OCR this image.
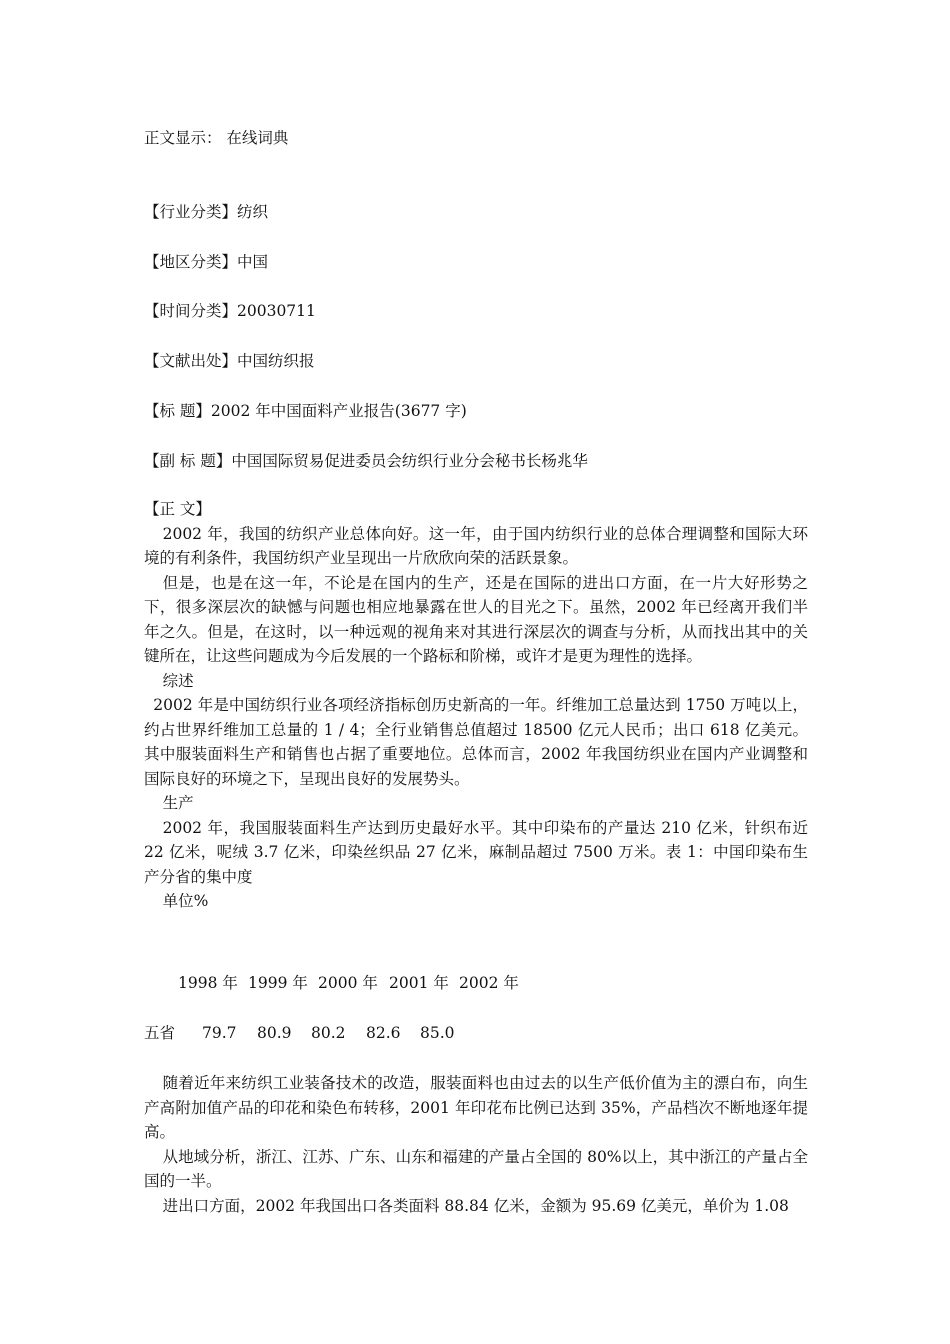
正文显示： 在线词典
【行业分类】纺织
【地区分类】中国
【时间分类】20030711
【文献出处】中国纺织报
【标 题】2002 年中国面料产业报告(3677 字)
【副 标 题】中国国际贸易促进委员会纺织行业分会秘书长杨兆华

【正 文】

2002 年，我国的纺织产业总体向好。这一年，由于国内纺织行业的总体合理调整和国际大环境的有利条件，我国纺织产业呈现出一片欣欣向荣的活跃景象。

但是，也是在这一年，不论是在国内的生产，还是在国际的进出口方面，在一片大好形势之下，很多深层次的缺憾与问题也相应地暴露在世人的目光之下。虽然，2002 年已经离开我们半年之久。但是，在这时，以一种远观的视角来对其进行深层次的调查与分析，从而找出其中的关键所在，让这些问题成为今后发展的一个路标和阶梯，或许才是更为理性的选择。

综述

2002 年是中国纺织行业各项经济指标创历史新高的一年。纤维加工总量达到 1750 万吨以上，约占世界纤维加工总量的 1 / 4；全行业销售总值超过 18500 亿元人民币；出口 618 亿美元。其中服装面料生产和销售也占据了重要地位。总体而言，2002 年我国纺织业在国内产业调整和国际良好的环境之下，呈现出良好的发展势头。

生产

2002 年，我国服装面料生产达到历史最好水平。其中印染布的产量达 210 亿米，针织布近 22 亿米，呢绒 3.7 亿米，印染丝织品 27 亿米，麻制品超过 7500 万米。表 1：中国印染布生产分省的集中度

单位%

1998 年 1999 年 2000 年 2001 年 2002 年
五省 79.7 80.9 80.2 82.6 85.0

随着近年来纺织工业装备技术的改造，服装面料也由过去的以生产低价值为主的漂白布，向生产高附加值产品的印花和染色布转移，2001 年印花布比例已达到 35%，产品档次不断地逐年提高。

从地域分析，浙江、江苏、广东、山东和福建的产量占全国的 80%以上，其中浙江的产量占全国的一半。

进出口方面，2002 年我国出口各类面料 88.84 亿米，金额为 95.69 亿美元，单价为 1.08
